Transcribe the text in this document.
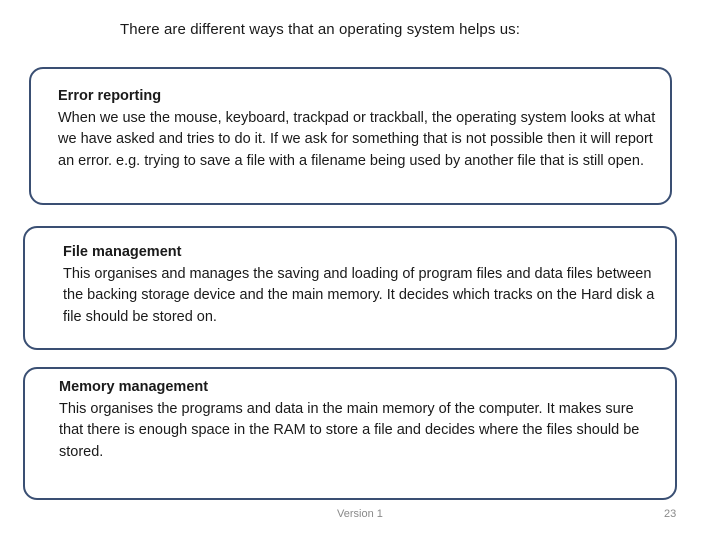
There are different ways that an operating system helps us:
Error reporting
When we use the mouse, keyboard, trackpad or trackball, the operating system looks at what we have asked and tries to do it. If we ask for something that is not possible then it will report an error. e.g. trying to save a file with a filename being used by another file that is still open.
File management
This organises and manages the saving and loading of program files and data files between the backing storage device and the main memory. It decides which tracks on the Hard disk a file should be stored on.
Memory management
This organises the programs and data in the main memory of the computer. It makes sure that there is enough space in the RAM to store a file and decides where the files should be stored.
Version 1	23
